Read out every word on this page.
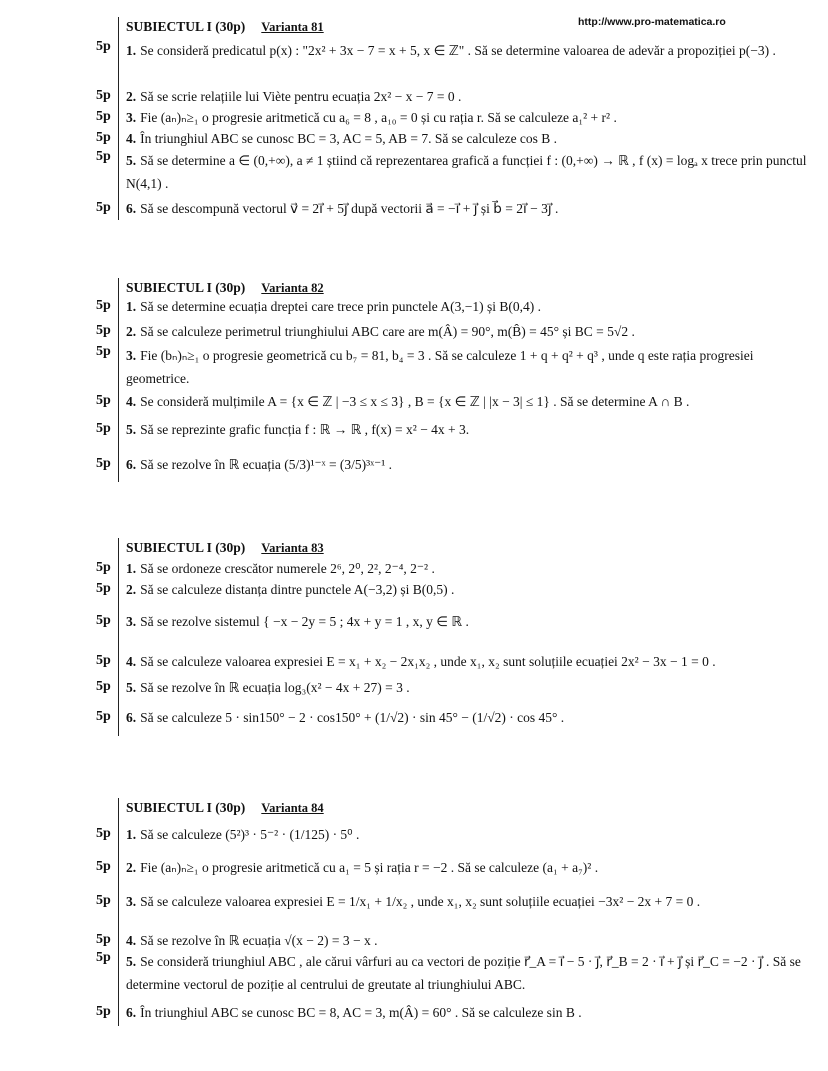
http://www.pro-matematica.ro
SUBIECTUL I (30p) Varianta 81
5p 1. Se consideră predicatul p(x) : "2x² + 3x − 7 = x + 5, x ∈ ℤ" . Să se determine valoarea de adevăr a propoziției p(−3) .
5p 2. Să se scrie relațiile lui Viète pentru ecuația 2x² − x − 7 = 0 .
5p 3. Fie (aₙ)ₙ≥₁ o progresie aritmetică cu a₆ = 8 , a₁₀ = 0 și cu rația r. Să se calculeze a₁² + r² .
5p 4. În triunghiul ABC se cunosc BC = 3, AC = 5, AB = 7. Să se calculeze cos B .
5p 5. Să se determine a ∈ (0,+∞), a ≠ 1 știind că reprezentarea grafică a funcției f : (0,+∞) → ℝ , f (x) = logₐ x trece prin punctul N(4,1) .
5p 6. Să se descompună vectorul v⃗ = 2i⃗ + 5j⃗ după vectorii a⃗ = −i⃗ + j⃗ și b⃗ = 2i⃗ − 3j⃗ .
SUBIECTUL I (30p) Varianta 82
5p 1. Să se determine ecuația dreptei care trece prin punctele A(3,−1) și B(0,4) .
5p 2. Să se calculeze perimetrul triunghiului ABC care are m(Â) = 90°, m(B̂) = 45° și BC = 5√2 .
5p 3. Fie (bₙ)ₙ≥₁ o progresie geometrică cu b₇ = 81, b₄ = 3 . Să se calculeze 1 + q + q² + q³ , unde q este rația progresiei geometrice.
5p 4. Se consideră mulțimile A = {x ∈ ℤ | −3 ≤ x ≤ 3} , B = {x ∈ ℤ | |x − 3| ≤ 1} . Să se determine A ∩ B .
5p 5. Să se reprezinte grafic funcția f : ℝ → ℝ , f(x) = x² − 4x + 3.
5p 6. Să se rezolve în ℝ ecuația (5/3)¹⁻ˣ = (3/5)³ˣ⁻¹ .
SUBIECTUL I (30p) Varianta 83
5p 1. Să se ordoneze crescător numerele 2⁶, 2⁰, 2², 2⁻⁴, 2⁻² .
5p 2. Să se calculeze distanța dintre punctele A(−3,2) și B(0,5) .
5p 3. Să se rezolve sistemul { −x − 2y = 5 ; 4x + y = 1 , x, y ∈ ℝ .
5p 4. Să se calculeze valoarea expresiei E = x₁ + x₂ − 2x₁x₂ , unde x₁, x₂ sunt soluțiile ecuației 2x² − 3x − 1 = 0 .
5p 5. Să se rezolve în ℝ ecuația log₃(x² − 4x + 27) = 3 .
5p 6. Să se calculeze 5 · sin150° − 2 · cos150° + (1/√2) · sin 45° − (1/√2) · cos 45° .
SUBIECTUL I (30p) Varianta 84
5p 1. Să se calculeze (5²)³ · 5⁻² · (1/125) · 5⁰ .
5p 2. Fie (aₙ)ₙ≥₁ o progresie aritmetică cu a₁ = 5 și rația r = −2 . Să se calculeze (a₁ + a₇)² .
5p 3. Să se calculeze valoarea expresiei E = 1/x₁ + 1/x₂ , unde x₁, x₂ sunt soluțiile ecuației −3x² − 2x + 7 = 0 .
5p 4. Să se rezolve în ℝ ecuația √(x − 2) = 3 − x .
5p 5. Se consideră triunghiul ABC , ale cărui vârfuri au ca vectori de poziție r⃗_A = i⃗ − 5 · j⃗, r⃗_B = 2 · i⃗ + j⃗ și r⃗_C = −2 · j⃗ . Să se determine vectorul de poziție al centrului de greutate al triunghiului ABC.
5p 6. În triunghiul ABC se cunosc BC = 8, AC = 3, m(Â) = 60° . Să se calculeze sin B .
